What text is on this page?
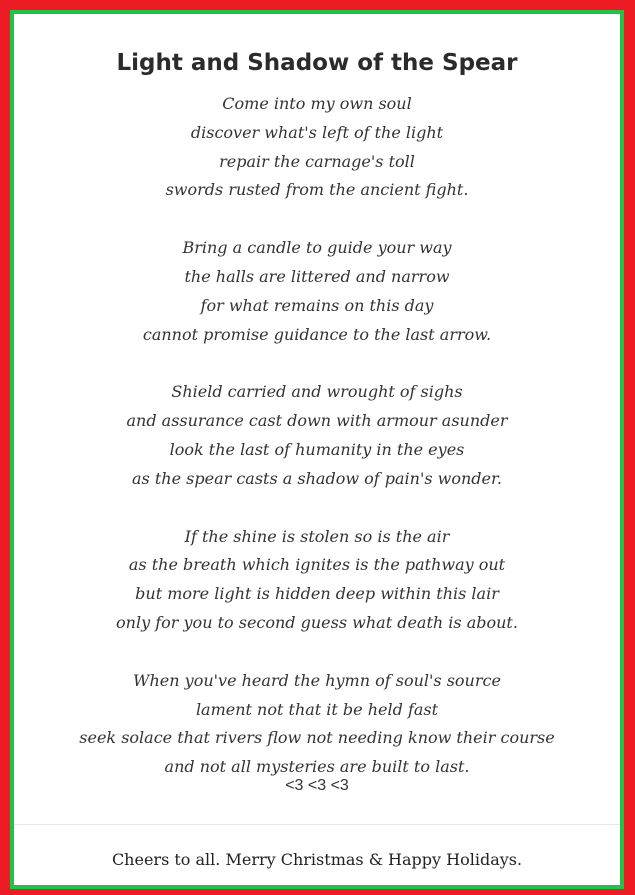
Light and Shadow of the Spear
Come into my own soul
discover what's left of the light
repair the carnage's toll
swords rusted from the ancient fight.
Bring a candle to guide your way
the halls are littered and narrow
for what remains on this day
cannot promise guidance to the last arrow.
Shield carried and wrought of sighs
and assurance cast down with armour asunder
look the last of humanity in the eyes
as the spear casts a shadow of pain's wonder.
If the shine is stolen so is the air
as the breath which ignites is the pathway out
but more light is hidden deep within this lair
only for you to second guess what death is about.
When you've heard the hymn of soul's source
lament not that it be held fast
seek solace that rivers flow not needing know their course
and not all mysteries are built to last.
<3 <3 <3
Cheers to all. Merry Christmas & Happy Holidays.
